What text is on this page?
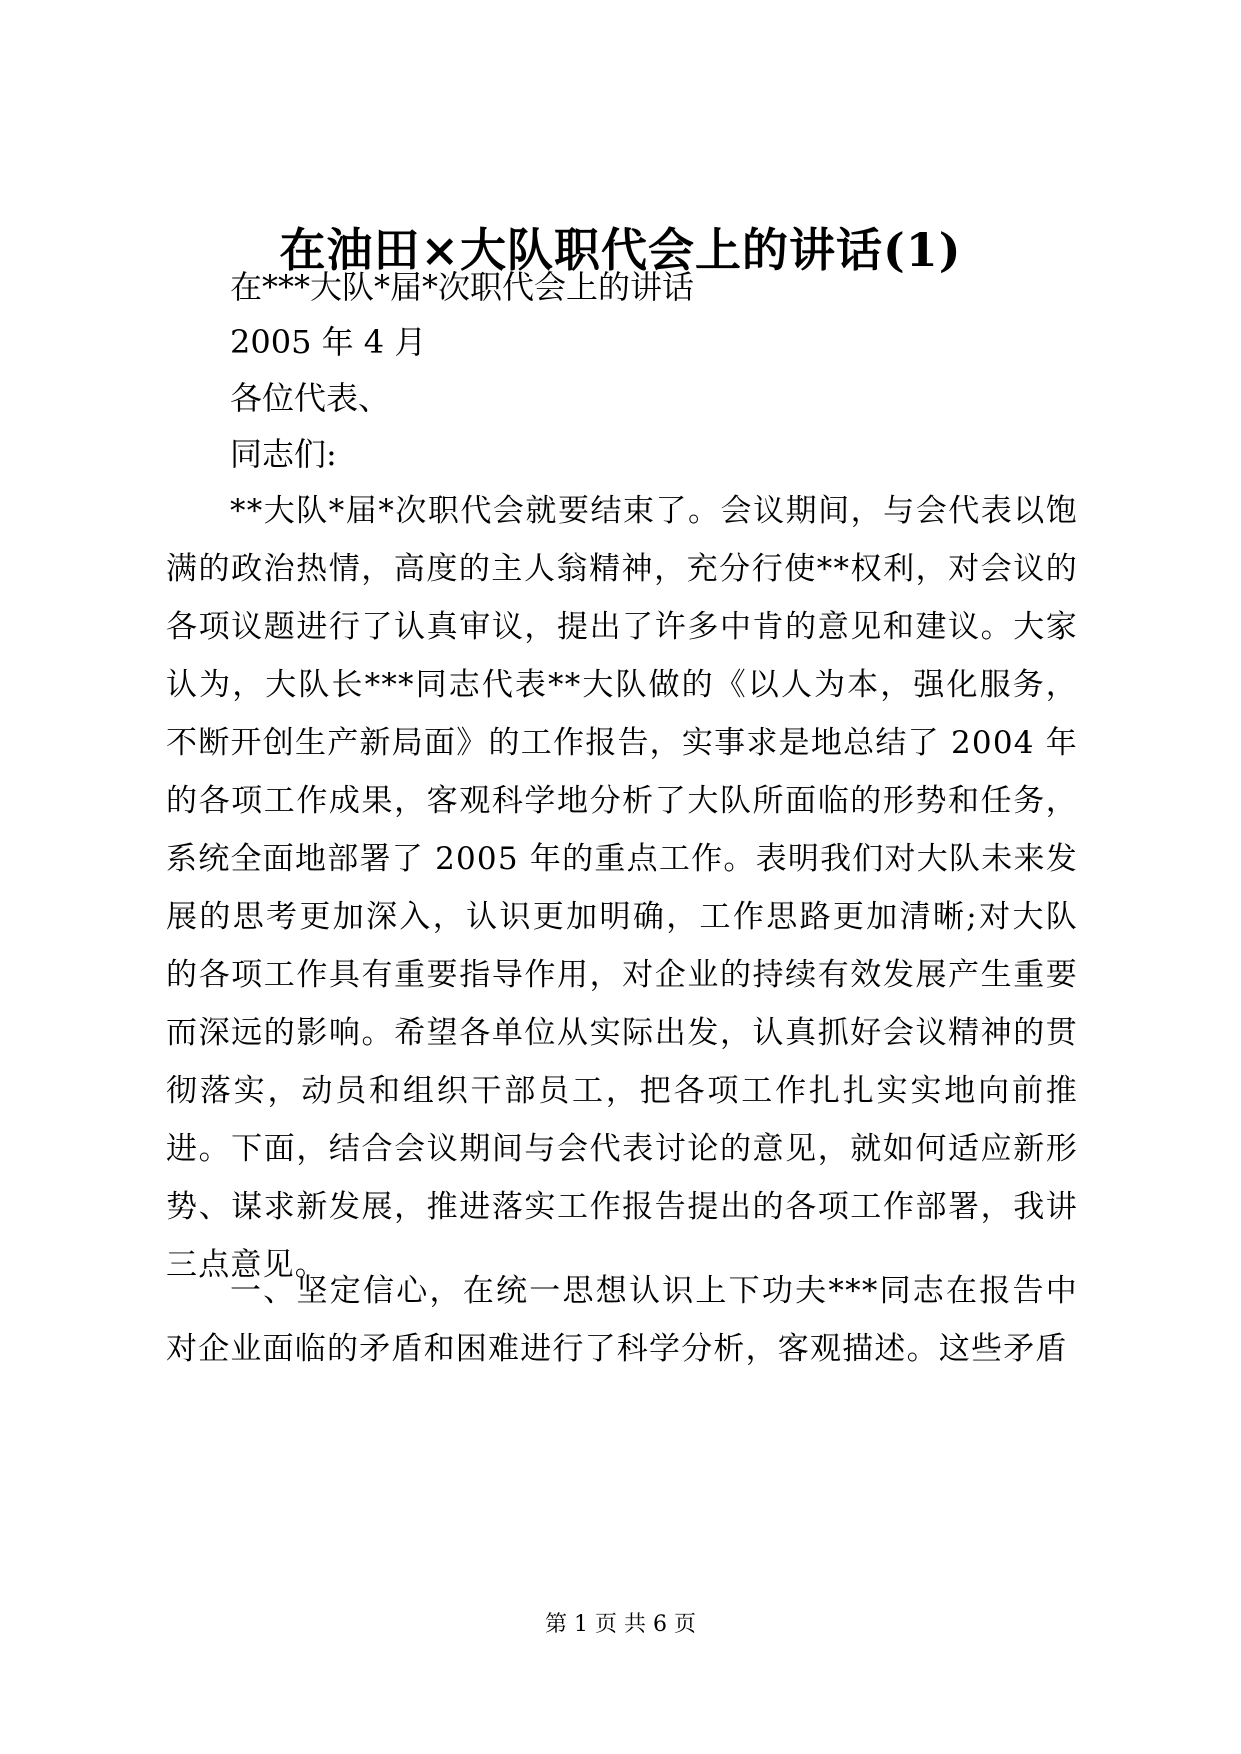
在油田×大队职代会上的讲话(1)

在***大队*届*次职代会上的讲话

2005 年 4 月

各位代表、

同志们:

**大队*届*次职代会就要结束了。会议期间，与会代表以饱满的政治热情，高度的主人翁精神，充分行使**权利，对会议的各项议题进行了认真审议，提出了许多中肯的意见和建议。大家认为，大队长***同志代表**大队做的《以人为本，强化服务，不断开创生产新局面》的工作报告，实事求是地总结了 2004 年的各项工作成果，客观科学地分析了大队所面临的形势和任务，系统全面地部署了 2005 年的重点工作。表明我们对大队未来发展的思考更加深入，认识更加明确，工作思路更加清晰;对大队的各项工作具有重要指导作用，对企业的持续有效发展产生重要而深远的影响。希望各单位从实际出发，认真抓好会议精神的贯彻落实，动员和组织干部员工，把各项工作扎扎实实地向前推进。下面，结合会议期间与会代表讨论的意见，就如何适应新形势、谋求新发展，推进落实工作报告提出的各项工作部署，我讲三点意见。

一、坚定信心，在统一思想认识上下功夫***同志在报告中对企业面临的矛盾和困难进行了科学分析，客观描述。这些矛盾

第 1 页 共 6 页
